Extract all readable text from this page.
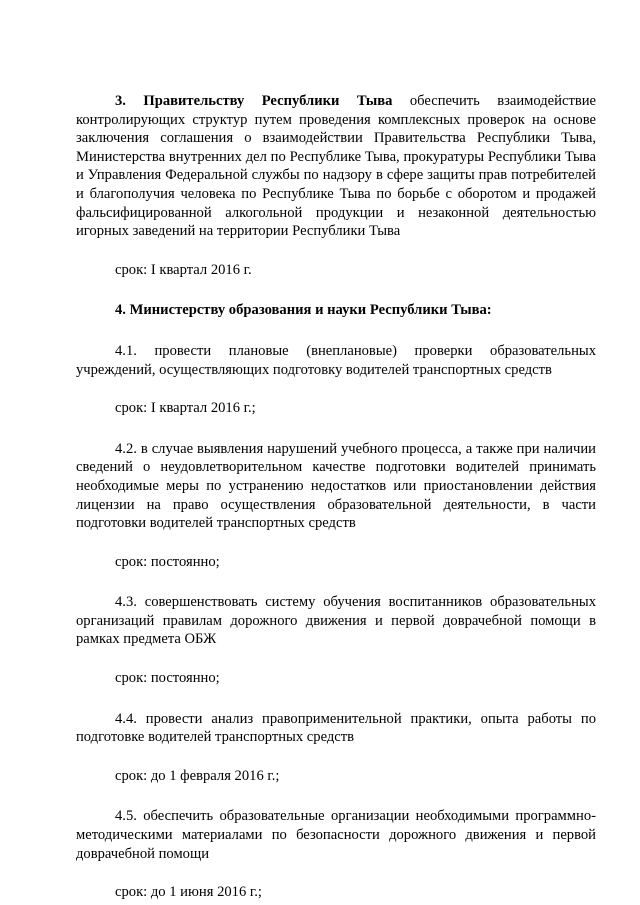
3. Правительству Республики Тыва обеспечить взаимодействие контролирующих структур путем проведения комплексных проверок на основе заключения соглашения о взаимодействии Правительства Республики Тыва, Министерства внутренних дел по Республике Тыва, прокуратуры Республики Тыва и Управления Федеральной службы по надзору в сфере защиты прав потребителей и благополучия человека по Республике Тыва по борьбе с оборотом и продажей фальсифицированной алкогольной продукции и незаконной деятельностью игорных заведений на территории Республики Тыва

срок: I квартал 2016 г.

4. Министерству образования и науки Республики Тыва:

4.1. провести плановые (внеплановые) проверки образовательных учреждений, осуществляющих подготовку водителей транспортных средств

срок: I квартал 2016 г.;

4.2. в случае выявления нарушений учебного процесса, а также при наличии сведений о неудовлетворительном качестве подготовки водителей принимать необходимые меры по устранению недостатков или приостановлении действия лицензии на право осуществления образовательной деятельности, в части подготовки водителей транспортных средств

срок: постоянно;

4.3. совершенствовать систему обучения воспитанников образовательных организаций правилам дорожного движения и первой доврачебной помощи в рамках предмета ОБЖ

срок: постоянно;

4.4. провести анализ правоприменительной практики, опыта работы по подготовке водителей транспортных средств

срок: до 1 февраля 2016 г.;

4.5. обеспечить образовательные организации необходимыми программно-методическими материалами по безопасности дорожного движения и первой доврачебной помощи

срок: до 1 июня 2016 г.;
